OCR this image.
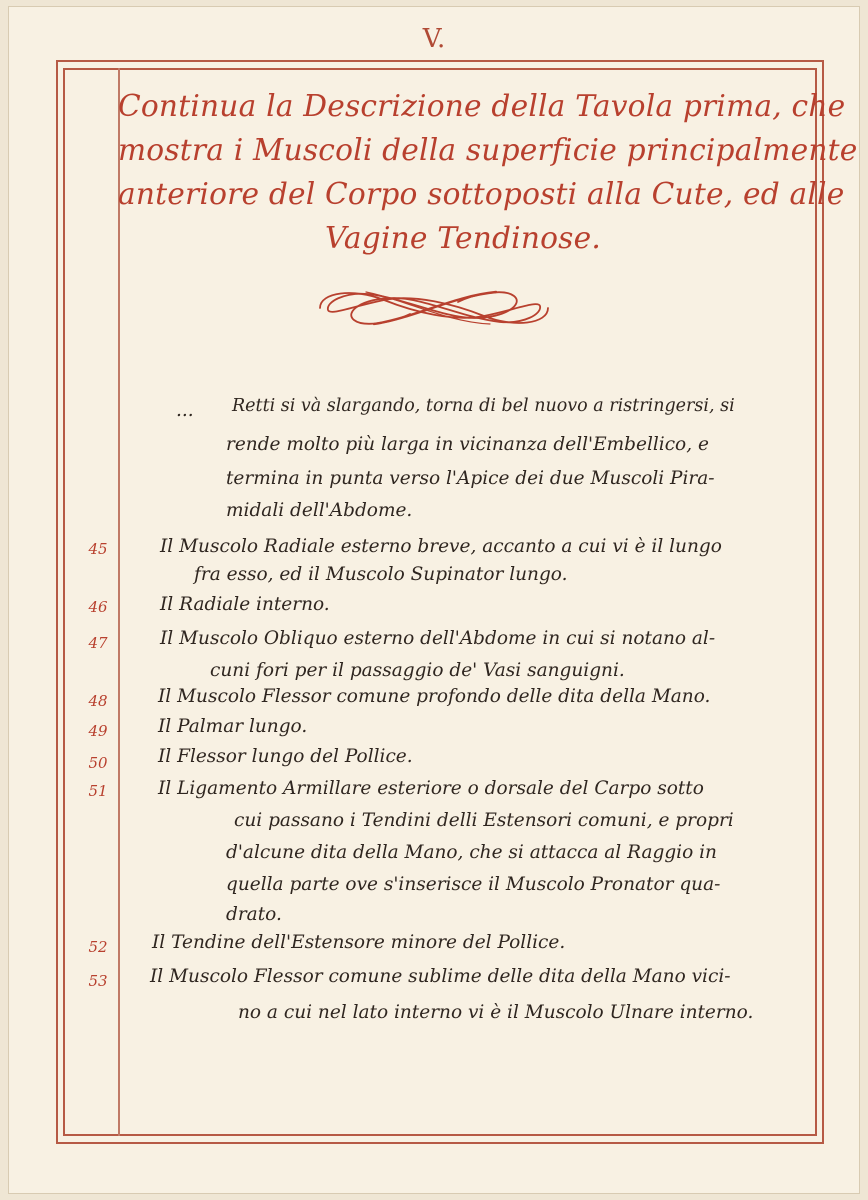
V.
Continua la Descrizione della Tavola prima, che
mostra i Muscoli della superficie principalmente
anteriore del Corpo sottoposti alla Cute, ed alle
Vagine Tendinose.
... Retti si và slargando, torna di bel nuovo a ristringersi, si
rende molto più larga in vicinanza dell'Embellico, e
termina in punta verso l'Apice dei due Muscoli Pira-
midali dell'Abdome.
45	Il Muscolo Radiale esterno breve, accanto a cui vi è il lungo
fra esso, ed il Muscolo Supinator lungo.
46	Il Radiale interno.
47	Il Muscolo Obliquo esterno dell'Abdome in cui si notano al-
cuni fori per il passaggio de' Vasi sanguigni.
48	Il Muscolo Flessor comune profondo delle dita della Mano.
49	Il Palmar lungo.
50	Il Flessor lungo del Pollice.
51	Il Ligamento Armillare esteriore o dorsale del Carpo sotto
cui passano i Tendini delli Estensori comuni, e propri
d'alcune dita della Mano, che si attacca al Raggio in
quella parte ove s'inserisce il Muscolo Pronator qua-
drato.
52	Il Tendine dell'Estensore minore del Pollice.
53	Il Muscolo Flessor comune sublime delle dita della Mano vici-
no a cui nel lato interno vi è il Muscolo Ulnare interno.
